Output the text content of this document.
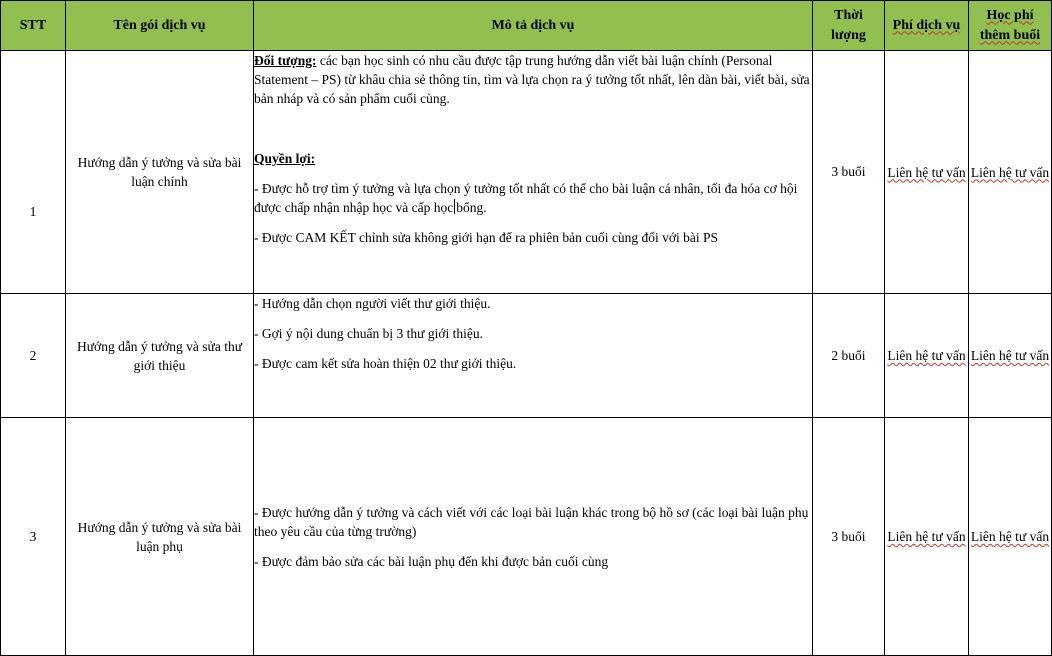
STT	Tên gói dịch vụ	Mô tả dịch vụ	Thời lượng	Phí dịch vụ	Học phí thêm buổi
1	Hướng dẫn ý tưởng và sửa bài luận chính	Đối tượng: các bạn học sinh có nhu cầu được tập trung hướng dẫn viết bài luận chính (Personal Statement – PS) từ khâu chia sẻ thông tin, tìm và lựa chọn ra ý tưởng tốt nhất, lên dàn bài, viết bài, sửa bản nháp và có sản phẩm cuối cùng.

Quyền lợi:

- Được hỗ trợ tìm ý tưởng và lựa chọn ý tưởng tốt nhất có thể cho bài luận cá nhân, tối đa hóa cơ hội được chấp nhận nhập học và cấp học bổng.

- Được CAM KẾT chỉnh sửa không giới hạn để ra phiên bản cuối cùng đối với bài PS	3 buổi	Liên hệ tư vấn	Liên hệ tư vấn
2	Hướng dẫn ý tưởng và sửa thư giới thiệu	- Hướng dẫn chọn người viết thư giới thiệu.

- Gợi ý nội dung chuẩn bị 3 thư giới thiệu.

- Được cam kết sửa hoàn thiện 02 thư giới thiệu.	2 buổi	Liên hệ tư vấn	Liên hệ tư vấn
3	Hướng dẫn ý tưởng và sửa bài luận phụ	- Được hướng dẫn ý tưởng và cách viết với các loại bài luận khác trong bộ hồ sơ (các loại bài luận phụ theo yêu cầu của từng trường)

- Được đảm bảo sửa các bài luận phụ đến khi được bản cuối cùng	3 buổi	Liên hệ tư vấn	Liên hệ tư vấn
